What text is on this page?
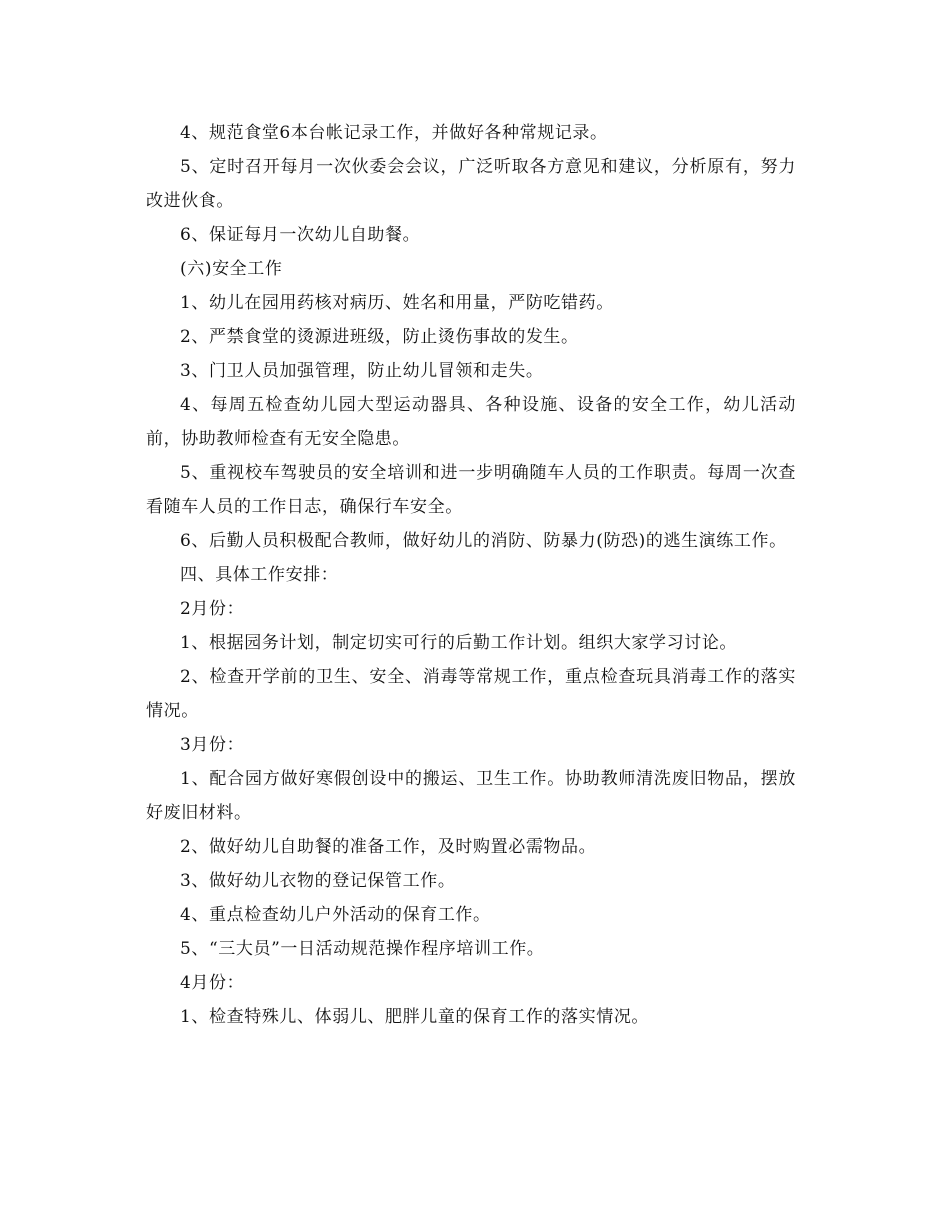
4、规范食堂6本台帐记录工作，并做好各种常规记录。

5、定时召开每月一次伙委会会议，广泛听取各方意见和建议，分析原有，努力改进伙食。

6、保证每月一次幼儿自助餐。

(六)安全工作

1、幼儿在园用药核对病历、姓名和用量，严防吃错药。

2、严禁食堂的烫源进班级，防止烫伤事故的发生。

3、门卫人员加强管理，防止幼儿冒领和走失。

4、每周五检查幼儿园大型运动器具、各种设施、设备的安全工作，幼儿活动前，协助教师检查有无安全隐患。

5、重视校车驾驶员的安全培训和进一步明确随车人员的工作职责。每周一次查看随车人员的工作日志，确保行车安全。

6、后勤人员积极配合教师，做好幼儿的消防、防暴力(防恐)的逃生演练工作。

四、具体工作安排：

2月份：

1、根据园务计划，制定切实可行的后勤工作计划。组织大家学习讨论。

2、检查开学前的卫生、安全、消毒等常规工作，重点检查玩具消毒工作的落实情况。

3月份：

1、配合园方做好寒假创设中的搬运、卫生工作。协助教师清洗废旧物品，摆放好废旧材料。

2、做好幼儿自助餐的准备工作，及时购置必需物品。

3、做好幼儿衣物的登记保管工作。

4、重点检查幼儿户外活动的保育工作。

5、“三大员”一日活动规范操作程序培训工作。

4月份：

1、检查特殊儿、体弱儿、肥胖儿童的保育工作的落实情况。
